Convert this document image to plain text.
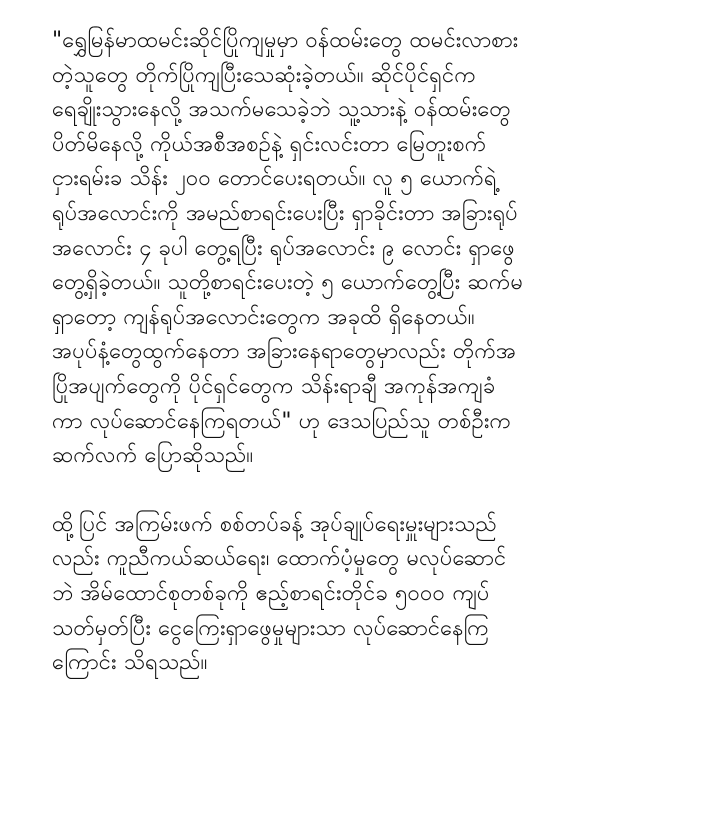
"ရွှေမြန်မာထမင်းဆိုင်ပြိုကျမှုမှာ ဝန်ထမ်းတွေ ထမင်းလာစား
တဲ့သူတွေ တိုက်ပြိုကျပြီးသေဆုံးခဲ့တယ်။ ဆိုင်ပိုင်ရှင်က
ရေချိုးသွားနေလို့ အသက်မသေခဲ့ဘဲ သူ့သားနဲ့ ဝန်ထမ်းတွေ
ပိတ်မိနေလို့ ကိုယ်အစီအစဉ်နဲ့ ရှင်းလင်းတာ မြေတူးစက်
ငှားရမ်းခ သိန်း ၂၀၀ တောင်ပေးရတယ်။ လူ ၅ ယောက်ရဲ့
ရုပ်အလောင်းကို အမည်စာရင်းပေးပြီး ရှာခိုင်းတာ အခြားရုပ်
အလောင်း ၄ ခုပါ တွေ့ရပြီး ရုပ်အလောင်း ၉ လောင်း ရှာဖွေ
တွေ့ရှိခဲ့တယ်။ သူတို့စာရင်းပေးတဲ့ ၅ ယောက်တွေ့ပြီး ဆက်မ
ရှာတော့ ကျန်ရုပ်အလောင်းတွေက အခုထိ ရှိနေတယ်။
အပုပ်နံ့တွေထွက်နေတာ အခြားနေရာတွေမှာလည်း တိုက်အ
ပြိုအပျက်တွေကို ပိုင်ရှင်တွေက သိန်းရာချီ အကုန်အကျခံ
ကာ လုပ်ဆောင်နေကြရတယ်" ဟု ဒေသပြည်သူ တစ်ဦးက
ဆက်လက် ပြောဆိုသည်။

ထို့ပြင် အကြမ်းဖက် စစ်တပ်ခန့် အုပ်ချုပ်ရေးမှူးများသည်
လည်း ကူညီကယ်ဆယ်ရေး၊ ထောက်ပံ့မှုတွေ မလုပ်ဆောင်
ဘဲ အိမ်ထောင်စုတစ်ခုကို ဧည့်စာရင်းတိုင်ခ ၅၀၀၀ ကျပ်
သတ်မှတ်ပြီး ငွေကြေးရှာဖွေမှုများသာ လုပ်ဆောင်နေကြ
ကြောင်း သိရသည်။
